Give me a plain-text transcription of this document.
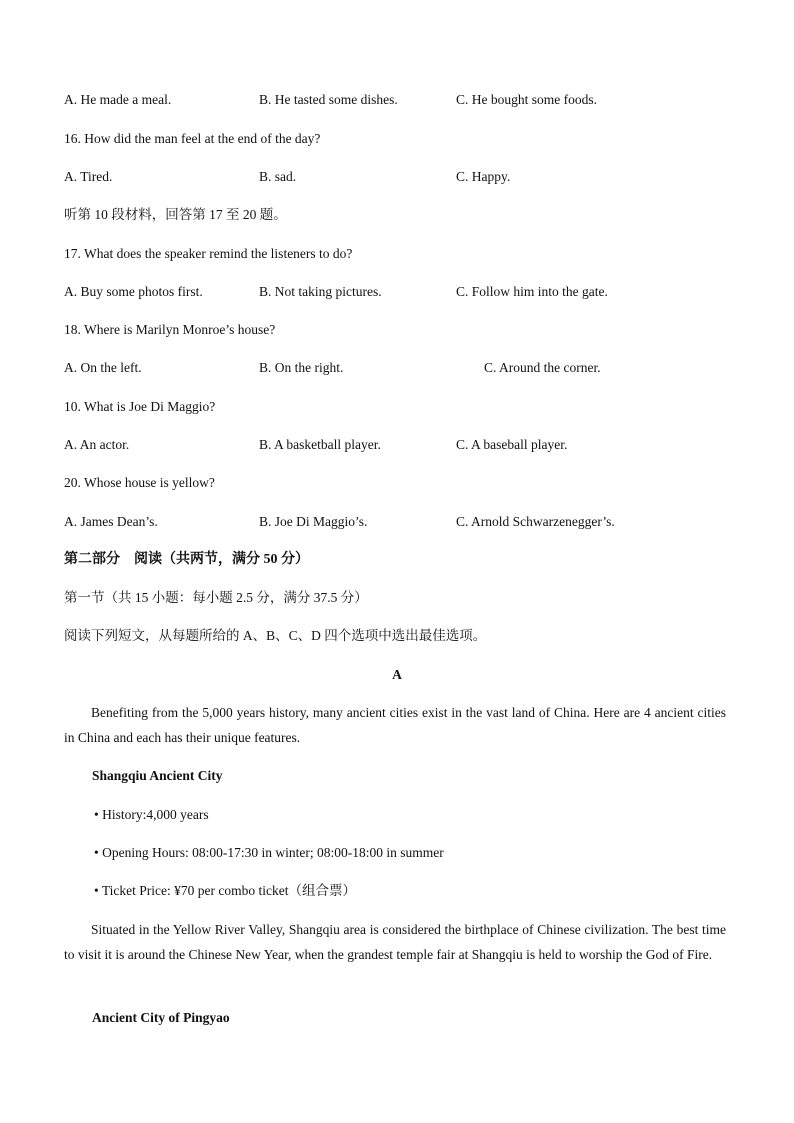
A. He made a meal.	B. He tasted some dishes.	C. He bought some foods.
16. How did the man feel at the end of the day?
A. Tired.	B. sad.	C. Happy.
听第 10 段材料，回答第 17 至 20 题。
17. What does the speaker remind the listeners to do?
A. Buy some photos first.	B. Not taking pictures.	C. Follow him into the gate.
18. Where is Marilyn Monroe’s house?
A. On the left.	B. On the right.	C. Around the corner.
10. What is Joe Di Maggio?
A. An actor.	B. A basketball player.	C. A baseball player.
20. Whose house is yellow?
A. James Dean’s.	B. Joe Di Maggio’s.	C. Arnold Schwarzenegger’s.
第二部分　阅读（共两节，满分 50 分）
第一节（共 15 小题：每小题 2.5 分，满分 37.5 分）
阅读下列短文，从每题所给的 A、B、C、D 四个选项中选出最佳选项。
A
Benefiting from the 5,000 years history, many ancient cities exist in the vast land of China. Here are 4 ancient cities in China and each has their unique features.
Shangqiu Ancient City
• History:4,000 years
• Opening Hours: 08:00-17:30 in winter; 08:00-18:00 in summer
• Ticket Price: ¥70 per combo ticket（组合票）
Situated in the Yellow River Valley, Shangqiu area is considered the birthplace of Chinese civilization. The best time to visit it is around the Chinese New Year, when the grandest temple fair at Shangqiu is held to worship the God of Fire.
Ancient City of Pingyao
